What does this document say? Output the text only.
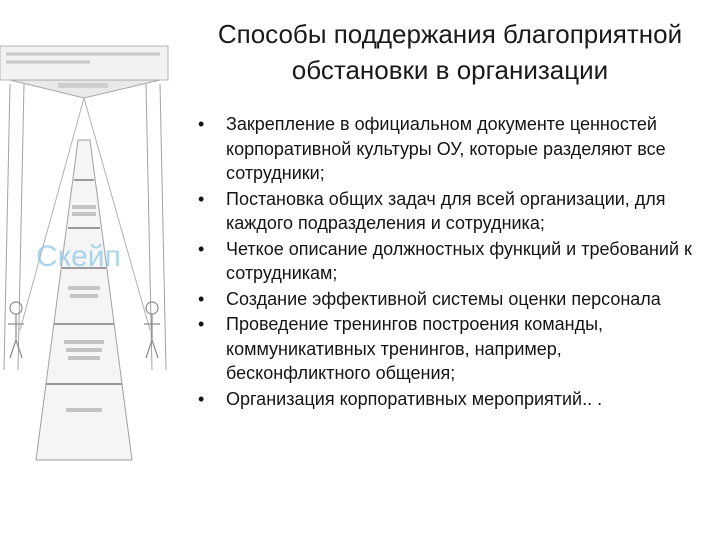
Скейп
Способы поддержания благоприятной
обстановки в организации
• Закрепление в официальном документе ценностей корпоративной культуры ОУ, которые разделяют все сотрудники;
• Постановка общих задач для всей организации, для каждого подразделения и сотрудника;
• Четкое описание должностных функций и требований к сотрудникам;
• Создание эффективной системы оценки персонала
• Проведение тренингов построения команды, коммуникативных тренингов, например, бесконфликтного общения;
• Организация корпоративных мероприятий.. .
